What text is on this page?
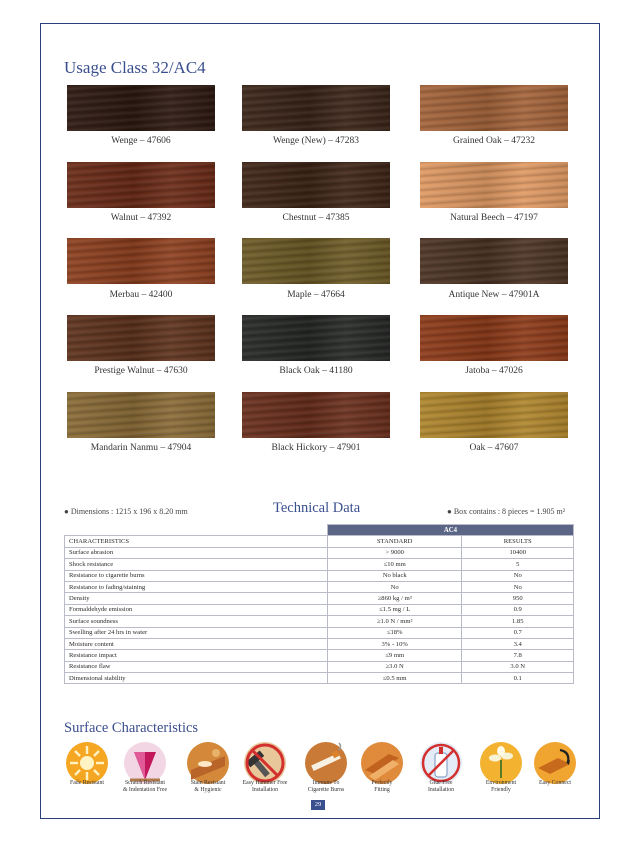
Usage Class 32/AC4
Wenge – 47606	Wenge (New) – 47283	Grained Oak – 47232
Walnut – 47392	Chestnut – 47385	Natural Beech – 47197
Merbau – 42400	Maple – 47664	Antique New – 47901A
Prestige Walnut – 47630	Black Oak – 41180	Jatoba – 47026
Mandarin Nanmu – 47904	Black Hickory – 47901	Oak – 47607
● Dimensions : 1215 x 196 x 8.20 mm	Technical Data	● Box contains : 8 pieces = 1.905 m²
	AC4	
CHARACTERISTICS	STANDARD	RESULTS
Surface abrasion	> 9000	10400
Shock resistance	≤10 mm	5
Resistance to cigarette burns	No black	No
Resistance to fading/staining	No	No
Density	≥860 kg / m³	950
Formaldehyde emission	≤1.5 mg / L	0.9
Surface soundness	≥1.0 N / mm²	1.85
Swelling after 24 hrs in water	≤18%	0.7
Moisture content	3% - 10%	3.4
Resistance impact	≤9 mm	7.8
Resistance flaw	≥3.0 N	3.0 N
Dimensional stability	≤0.5 mm	0.1
Surface Characteristics
Fade Resistant	Scratch Resistant
& Indentation Free
Stain Resistant
& Hygienic
Easy Hammer Free
Installation
Immune To
Cigarette Burns
Perfectly
Fitting
Glue Free
Installation
Environment
Friendly
Easy Connect
29
